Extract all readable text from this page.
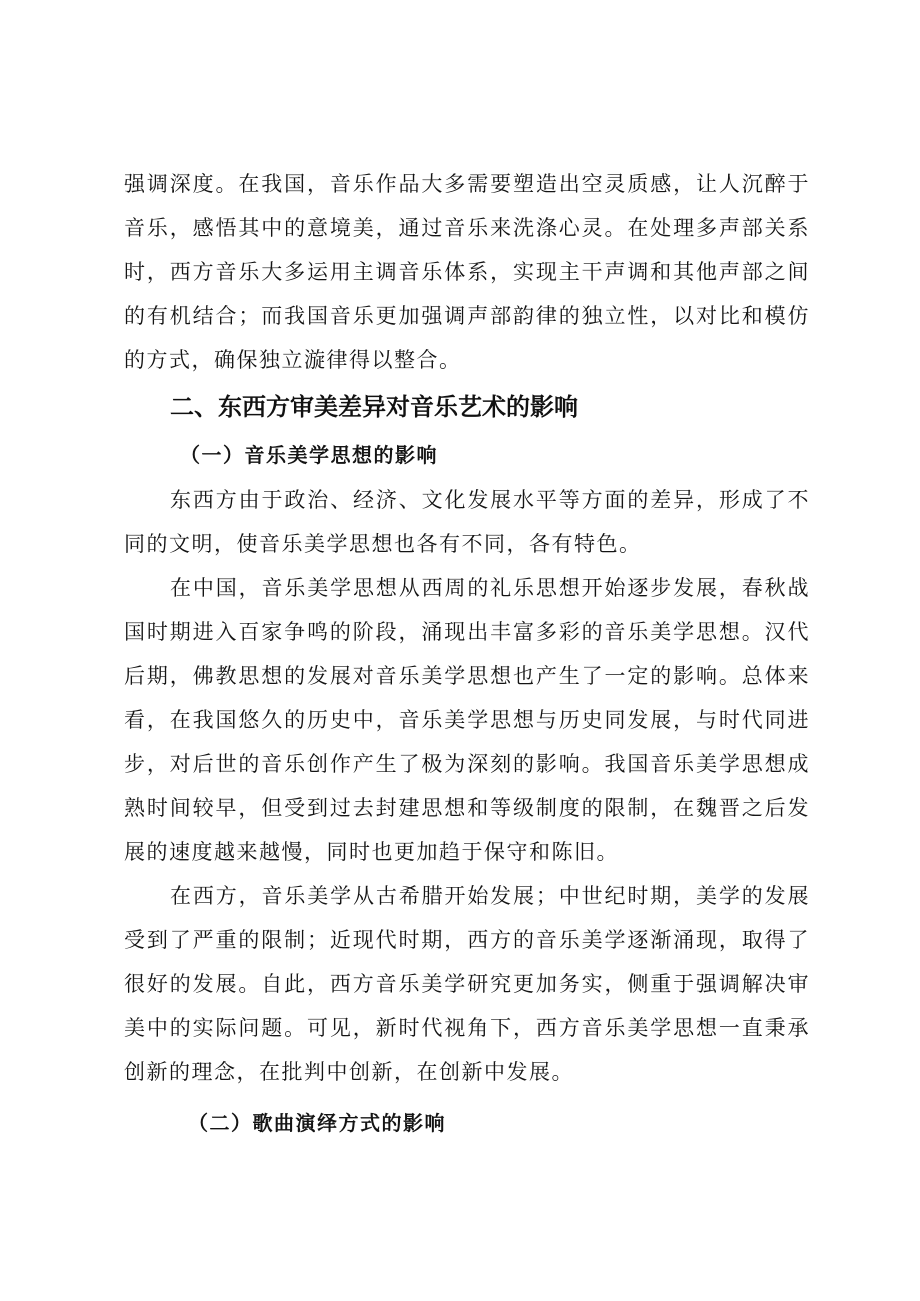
强调深度。在我国，音乐作品大多需要塑造出空灵质感，让人沉醉于音乐，感悟其中的意境美，通过音乐来洗涤心灵。在处理多声部关系时，西方音乐大多运用主调音乐体系，实现主干声调和其他声部之间的有机结合；而我国音乐更加强调声部韵律的独立性，以对比和模仿的方式，确保独立漩律得以整合。

二、东西方审美差异对音乐艺术的影响
（一）音乐美学思想的影响

东西方由于政治、经济、文化发展水平等方面的差异，形成了不同的文明，使音乐美学思想也各有不同，各有特色。

在中国，音乐美学思想从西周的礼乐思想开始逐步发展，春秋战国时期进入百家争鸣的阶段，涌现出丰富多彩的音乐美学思想。汉代后期，佛教思想的发展对音乐美学思想也产生了一定的影响。总体来看，在我国悠久的历史中，音乐美学思想与历史同发展，与时代同进步，对后世的音乐创作产生了极为深刻的影响。我国音乐美学思想成熟时间较早，但受到过去封建思想和等级制度的限制，在魏晋之后发展的速度越来越慢，同时也更加趋于保守和陈旧。

在西方，音乐美学从古希腊开始发展；中世纪时期，美学的发展受到了严重的限制；近现代时期，西方的音乐美学逐渐涌现，取得了很好的发展。自此，西方音乐美学研究更加务实，侧重于强调解决审美中的实际问题。可见，新时代视角下，西方音乐美学思想一直秉承创新的理念，在批判中创新，在创新中发展。

（二）歌曲演绎方式的影响
